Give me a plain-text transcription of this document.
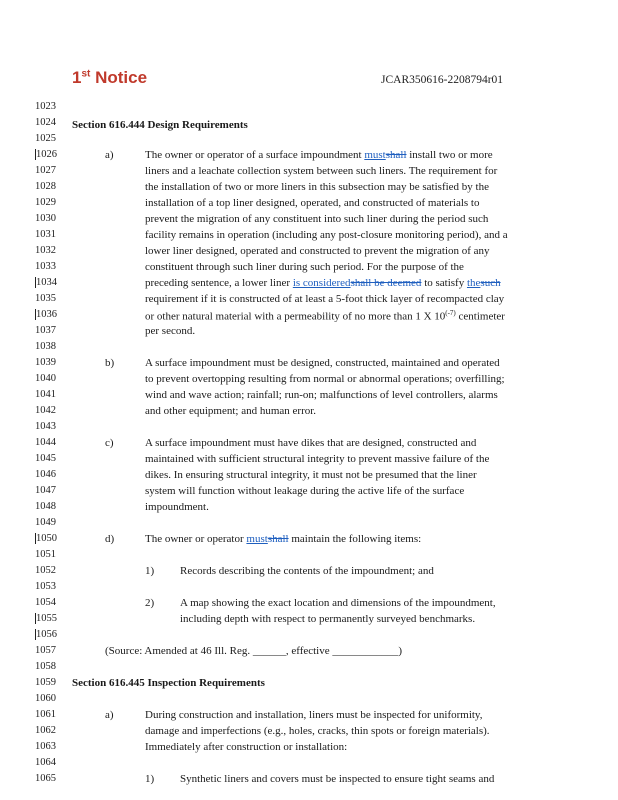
1st Notice	JCAR350616-2208794r01
1023
1024
1025
1026
1027
1028
1029
1030
1031
1032
1033
1034
1035
1036
1037
1038
1039
1040
1041
1042
1043
1044
1045
1046
1047
1048
1049
1050
1051
1052
1053
1054
1055
1056
1057
1058
1059
1060
1061
1062
1063
1064
1065
Section 616.444 Design Requirements
a)	The owner or operator of a surface impoundment mustshall install two or more
liners and a leachate collection system between such liners. The requirement for
the installation of two or more liners in this subsection may be satisfied by the
installation of a top liner designed, operated, and constructed of materials to
prevent the migration of any constituent into such liner during the period such
facility remains in operation (including any post-closure monitoring period), and a
lower liner designed, operated and constructed to prevent the migration of any
constituent through such liner during such period. For the purpose of the
preceding sentence, a lower liner is consideredshall be deemed to satisfy thesuch
requirement if it is constructed of at least a 5-foot thick layer of recompacted clay
or other natural material with a permeability of no more than 1 X $10^{(-7)}$ centimeter
per second.
b)	A surface impoundment must be designed, constructed, maintained and operated
to prevent overtopping resulting from normal or abnormal operations; overfilling;
wind and wave action; rainfall; run-on; malfunctions of level controllers, alarms
and other equipment; and human error.
c)	A surface impoundment must have dikes that are designed, constructed and
maintained with sufficient structural integrity to prevent massive failure of the
dikes. In ensuring structural integrity, it must not be presumed that the liner
system will function without leakage during the active life of the surface
impoundment.
d)	The owner or operator mustshall maintain the following items:
1) Records describing the contents of the impoundment; and
2) A map showing the exact location and dimensions of the impoundment,
including depth with respect to permanently surveyed benchmarks.
(Source: Amended at 46 Ill. Reg. ______, effective ____________)
Section 616.445 Inspection Requirements
a)	During construction and installation, liners must be inspected for uniformity,
damage and imperfections (e.g., holes, cracks, thin spots or foreign materials).
Immediately after construction or installation:
1) Synthetic liners and covers must be inspected to ensure tight seams and
